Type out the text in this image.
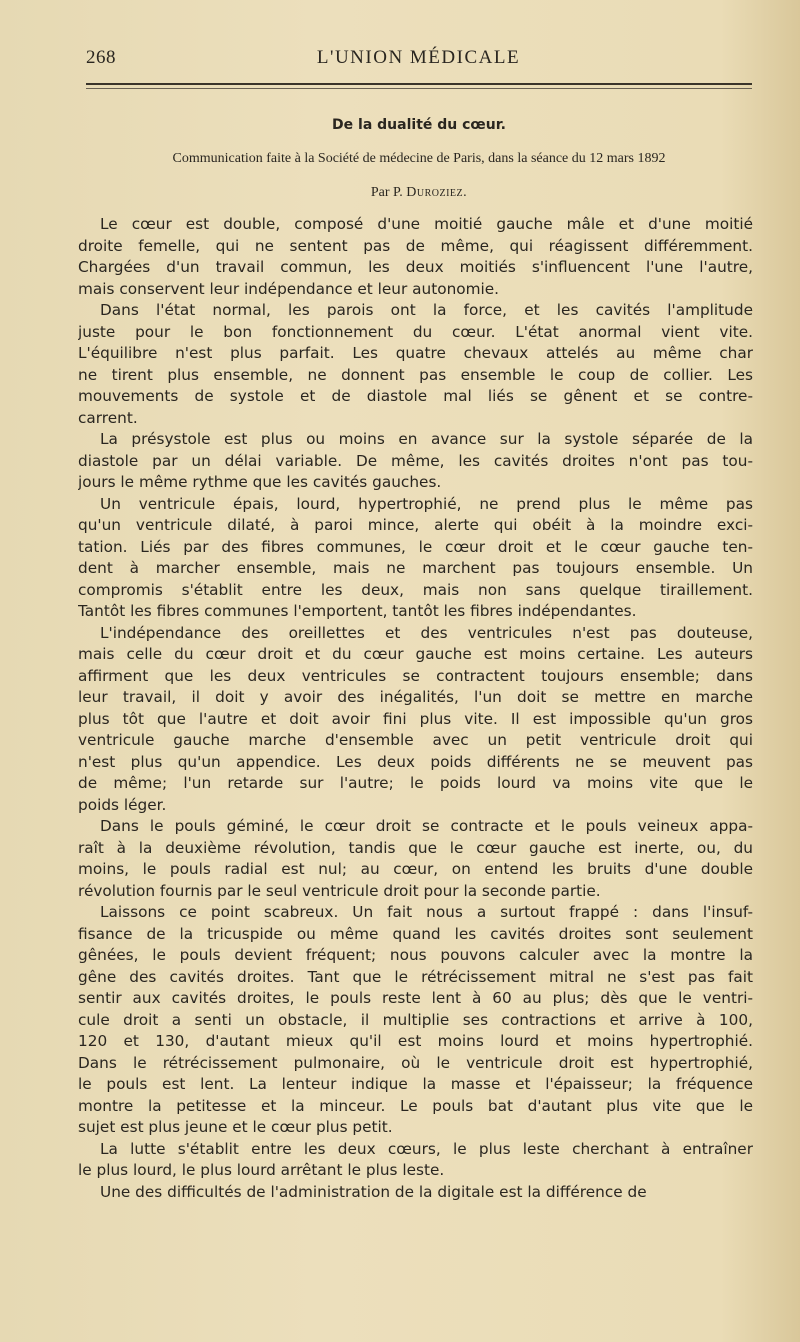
268	L'UNION MÉDICALE
De la dualité du cœur.
Communication faite à la Société de médecine de Paris, dans la séance du 12 mars 1892
Par P. Duroziez.
Le cœur est double, composé d'une moitié gauche mâle et d'une moitié
droite femelle, qui ne sentent pas de même, qui réagissent différemment.
Chargées d'un travail commun, les deux moitiés s'influencent l'une l'autre,
mais conservent leur indépendance et leur autonomie.
Dans l'état normal, les parois ont la force, et les cavités l'amplitude
juste pour le bon fonctionnement du cœur. L'état anormal vient vite.
L'équilibre n'est plus parfait. Les quatre chevaux attelés au même char
ne tirent plus ensemble, ne donnent pas ensemble le coup de collier. Les
mouvements de systole et de diastole mal liés se gênent et se contre-
carrent.
La présystole est plus ou moins en avance sur la systole séparée de la
diastole par un délai variable. De même, les cavités droites n'ont pas tou-
jours le même rythme que les cavités gauches.
Un ventricule épais, lourd, hypertrophié, ne prend plus le même pas
qu'un ventricule dilaté, à paroi mince, alerte qui obéit à la moindre exci-
tation. Liés par des fibres communes, le cœur droit et le cœur gauche ten-
dent à marcher ensemble, mais ne marchent pas toujours ensemble. Un
compromis s'établit entre les deux, mais non sans quelque tiraillement.
Tantôt les fibres communes l'emportent, tantôt les fibres indépendantes.
L'indépendance des oreillettes et des ventricules n'est pas douteuse,
mais celle du cœur droit et du cœur gauche est moins certaine. Les auteurs
affirment que les deux ventricules se contractent toujours ensemble; dans
leur travail, il doit y avoir des inégalités, l'un doit se mettre en marche
plus tôt que l'autre et doit avoir fini plus vite. Il est impossible qu'un gros
ventricule gauche marche d'ensemble avec un petit ventricule droit qui
n'est plus qu'un appendice. Les deux poids différents ne se meuvent pas
de même; l'un retarde sur l'autre; le poids lourd va moins vite que le
poids léger.
Dans le pouls géminé, le cœur droit se contracte et le pouls veineux appa-
raît à la deuxième révolution, tandis que le cœur gauche est inerte, ou, du
moins, le pouls radial est nul; au cœur, on entend les bruits d'une double
révolution fournis par le seul ventricule droit pour la seconde partie.
Laissons ce point scabreux. Un fait nous a surtout frappé : dans l'insuf-
fisance de la tricuspide ou même quand les cavités droites sont seulement
gênées, le pouls devient fréquent; nous pouvons calculer avec la montre la
gêne des cavités droites. Tant que le rétrécissement mitral ne s'est pas fait
sentir aux cavités droites, le pouls reste lent à 60 au plus; dès que le ventri-
cule droit a senti un obstacle, il multiplie ses contractions et arrive à 100,
120 et 130, d'autant mieux qu'il est moins lourd et moins hypertrophié.
Dans le rétrécissement pulmonaire, où le ventricule droit est hypertrophié,
le pouls est lent. La lenteur indique la masse et l'épaisseur; la fréquence
montre la petitesse et la minceur. Le pouls bat d'autant plus vite que le
sujet est plus jeune et le cœur plus petit.
La lutte s'établit entre les deux cœurs, le plus leste cherchant à entraîner
le plus lourd, le plus lourd arrêtant le plus leste.
Une des difficultés de l'administration de la digitale est la différence de
